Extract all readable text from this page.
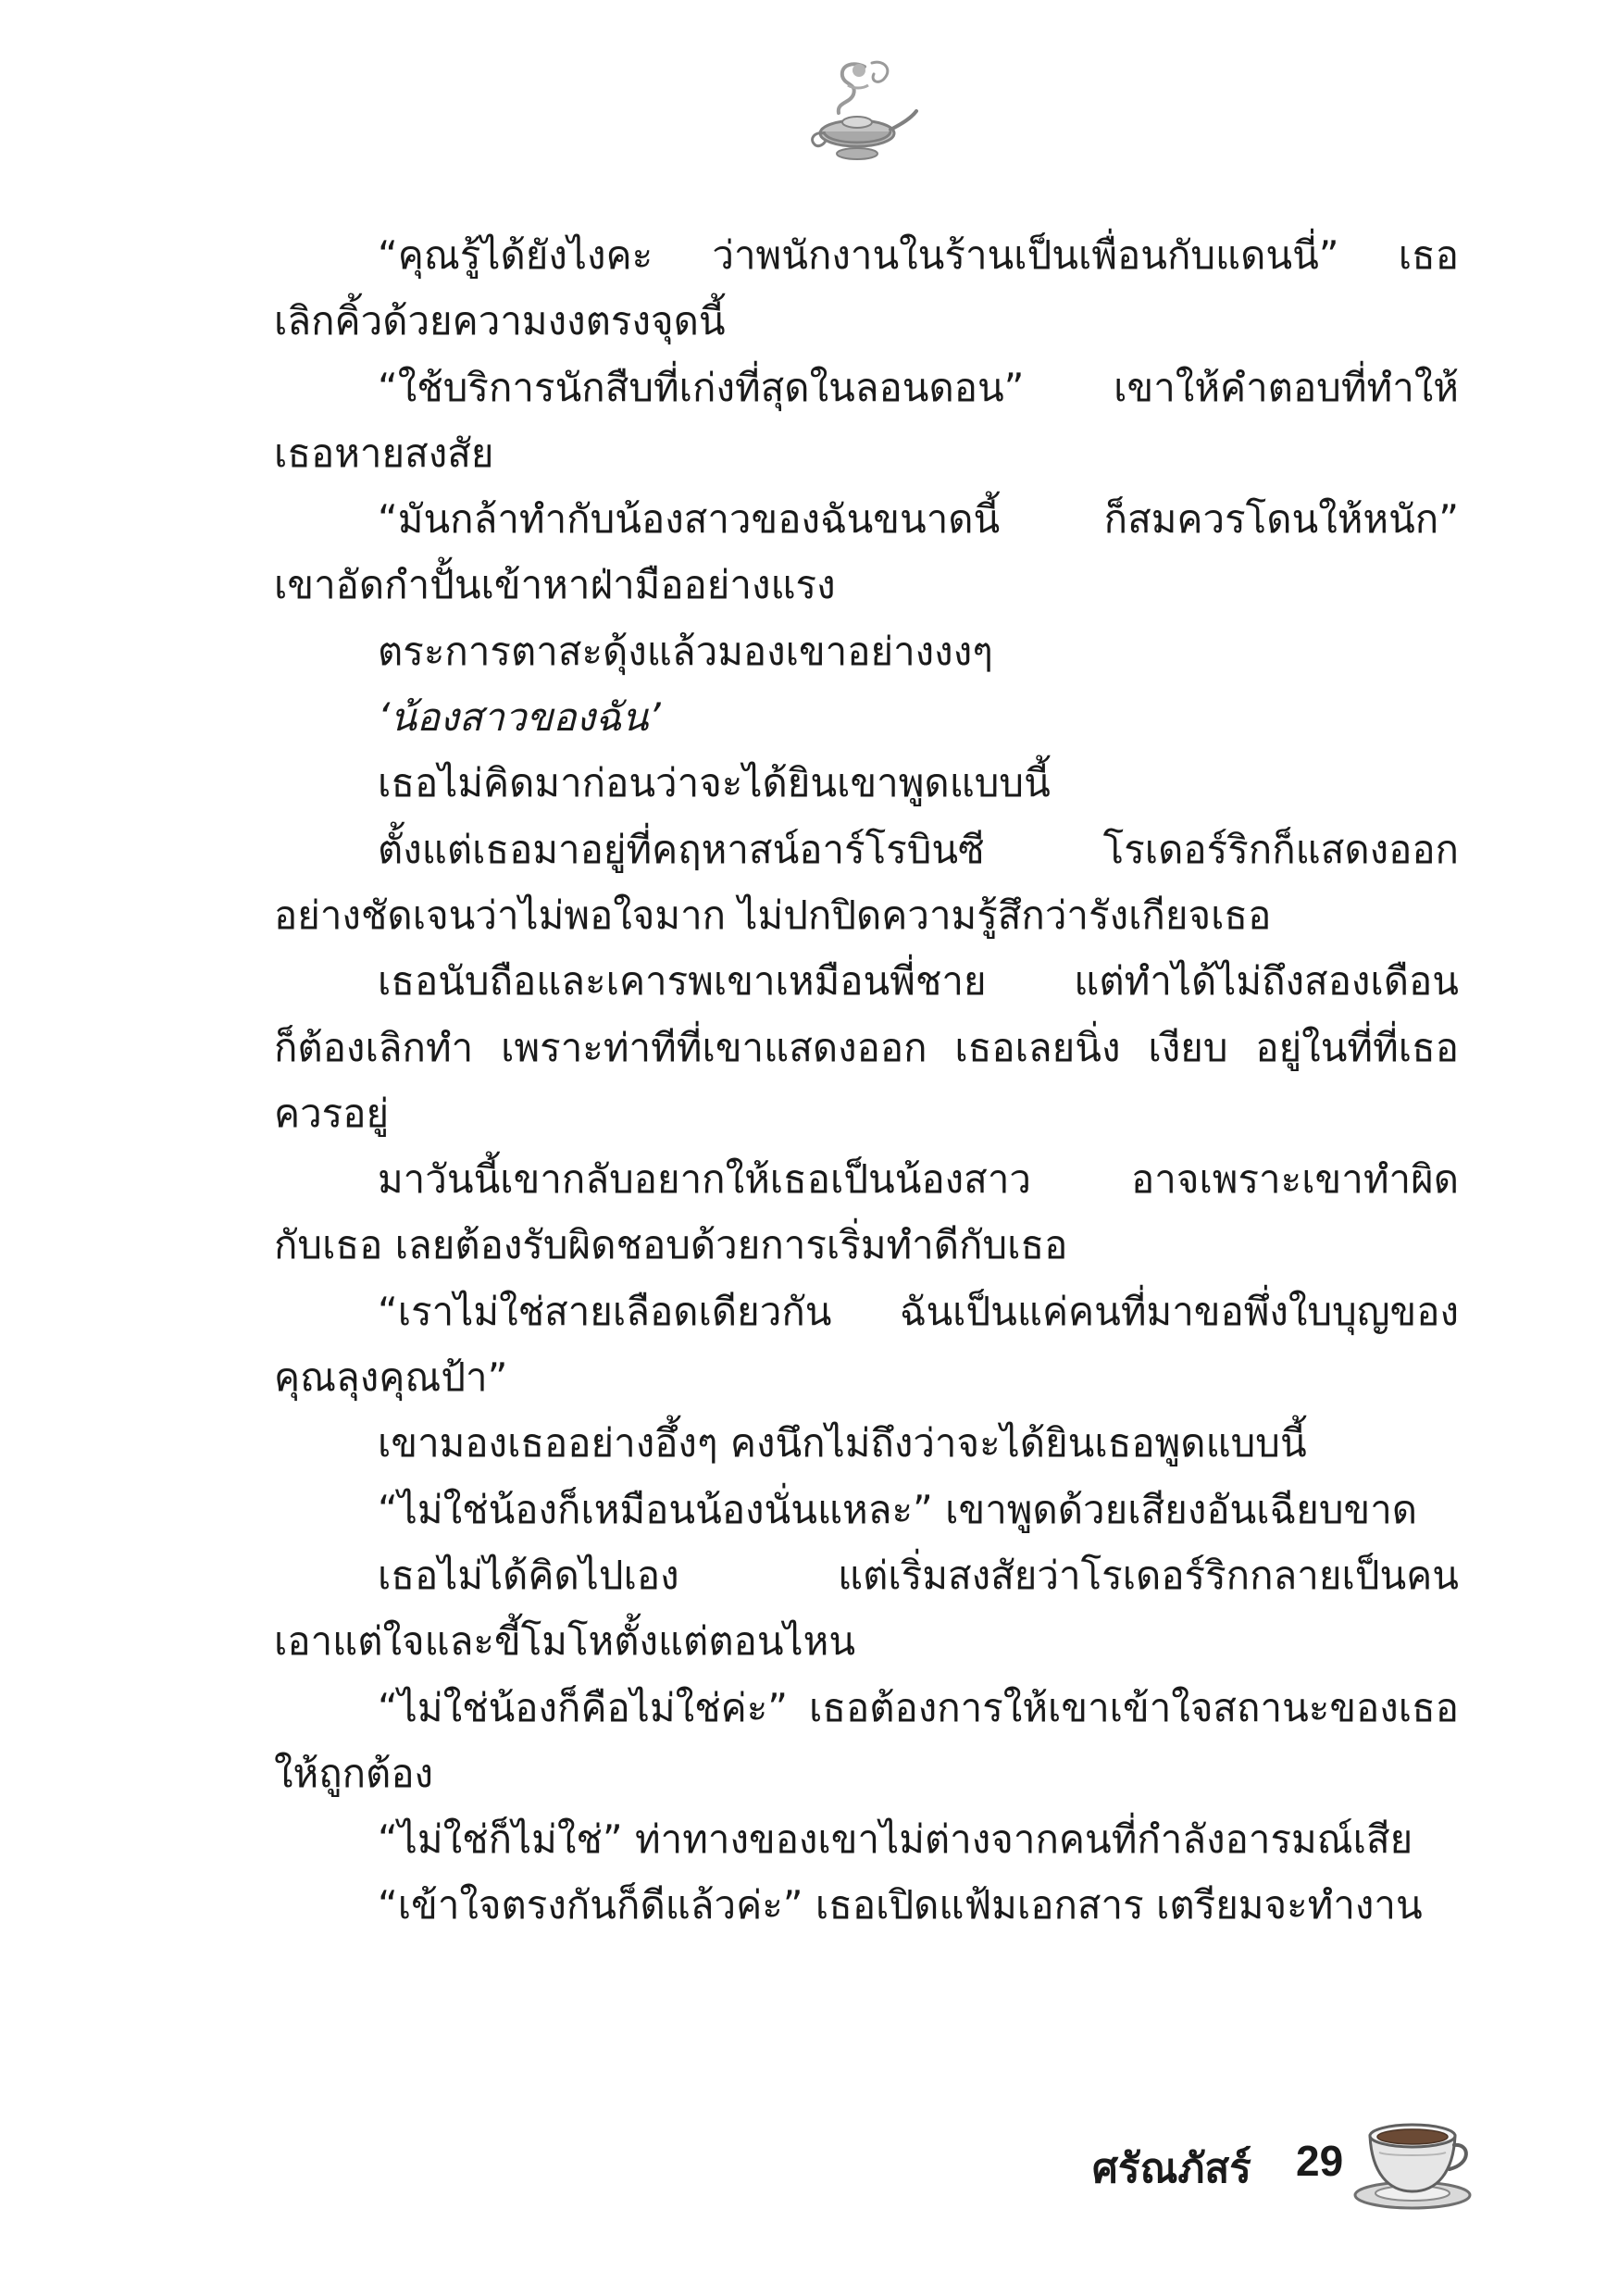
“คุณรู้ได้ยังไงคะ ว่าพนักงานในร้านเป็นเพื่อนกับแดนนี่” เธอ
เลิกคิ้วด้วยความงงตรงจุดนี้
“ใช้บริการนักสืบที่เก่งที่สุดในลอนดอน” เขาให้คำตอบที่ทำให้
เธอหายสงสัย
“มันกล้าทำกับน้องสาวของฉันขนาดนี้ ก็สมควรโดนให้หนัก”
เขาอัดกำปั้นเข้าหาฝ่ามืออย่างแรง
ตระการตาสะดุ้งแล้วมองเขาอย่างงงๆ
‘น้องสาวของฉัน’
เธอไม่คิดมาก่อนว่าจะได้ยินเขาพูดแบบนี้
ตั้งแต่เธอมาอยู่ที่คฤหาสน์อาร์โรบินซี โรเดอร์ริกก็แสดงออก
อย่างชัดเจนว่าไม่พอใจมาก ไม่ปกปิดความรู้สึกว่ารังเกียจเธอ
เธอนับถือและเคารพเขาเหมือนพี่ชาย แต่ทำได้ไม่ถึงสองเดือน
ก็ต้องเลิกทำ เพราะท่าทีที่เขาแสดงออก เธอเลยนิ่ง เงียบ อยู่ในที่ที่เธอ
ควรอยู่
มาวันนี้เขากลับอยากให้เธอเป็นน้องสาว อาจเพราะเขาทำผิด
กับเธอ เลยต้องรับผิดชอบด้วยการเริ่มทำดีกับเธอ
“เราไม่ใช่สายเลือดเดียวกัน ฉันเป็นแค่คนที่มาขอพึ่งใบบุญของ
คุณลุงคุณป้า”
เขามองเธออย่างอึ้งๆ คงนึกไม่ถึงว่าจะได้ยินเธอพูดแบบนี้
“ไม่ใช่น้องก็เหมือนน้องนั่นแหละ” เขาพูดด้วยเสียงอันเฉียบขาด
เธอไม่ได้คิดไปเอง แต่เริ่มสงสัยว่าโรเดอร์ริกกลายเป็นคน
เอาแต่ใจและขี้โมโหตั้งแต่ตอนไหน
“ไม่ใช่น้องก็คือไม่ใช่ค่ะ” เธอต้องการให้เขาเข้าใจสถานะของเธอ
ให้ถูกต้อง
“ไม่ใช่ก็ไม่ใช่” ท่าทางของเขาไม่ต่างจากคนที่กำลังอารมณ์เสีย
“เข้าใจตรงกันก็ดีแล้วค่ะ” เธอเปิดแฟ้มเอกสาร เตรียมจะทำงาน
ศรัณภัสร์ 29
